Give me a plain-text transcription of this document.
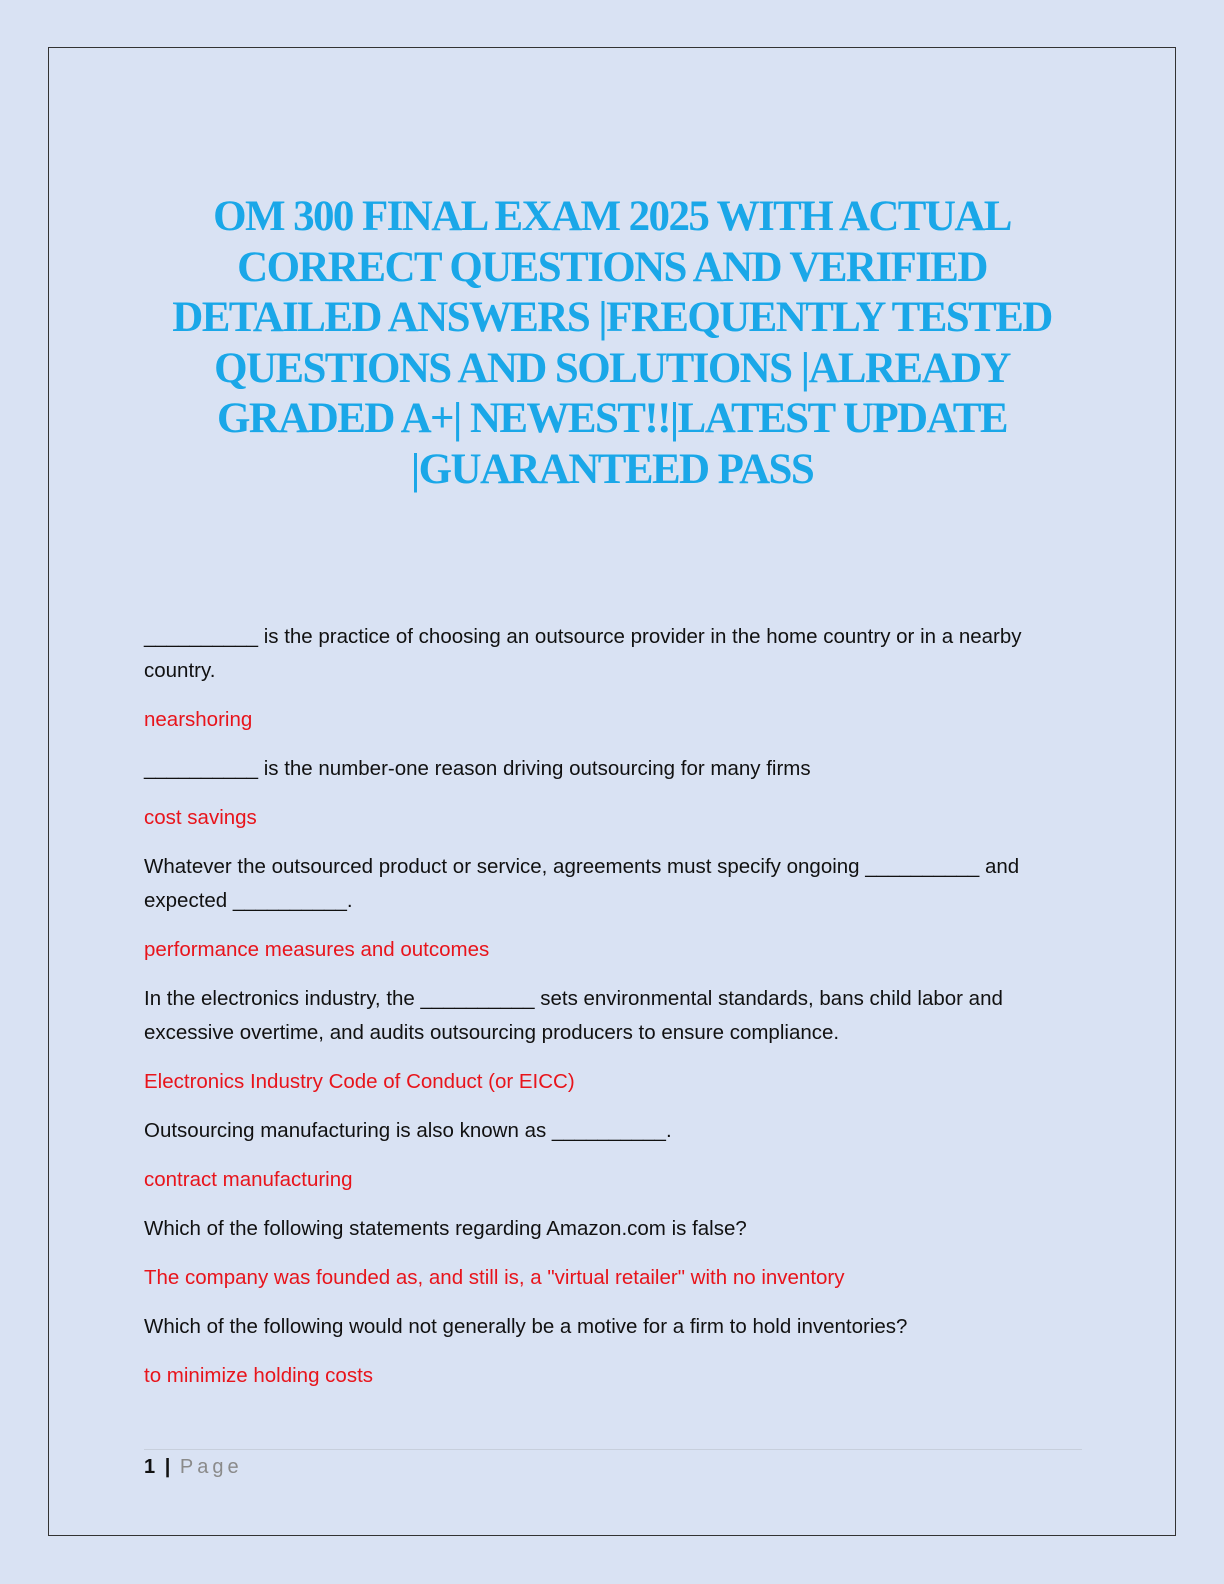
OM 300 FINAL EXAM 2025 WITH ACTUAL CORRECT QUESTIONS AND VERIFIED DETAILED ANSWERS |FREQUENTLY TESTED QUESTIONS AND SOLUTIONS |ALREADY GRADED A+| NEWEST!!|LATEST UPDATE |GUARANTEED PASS

__________ is the practice of choosing an outsource provider in the home country or in a nearby country.

nearshoring

__________ is the number-one reason driving outsourcing for many firms

cost savings

Whatever the outsourced product or service, agreements must specify ongoing __________ and expected __________.

performance measures and outcomes

In the electronics industry, the __________ sets environmental standards, bans child labor and excessive overtime, and audits outsourcing producers to ensure compliance.

Electronics Industry Code of Conduct (or EICC)

Outsourcing manufacturing is also known as __________.

contract manufacturing

Which of the following statements regarding Amazon.com is false?

The company was founded as, and still is, a "virtual retailer" with no inventory

Which of the following would not generally be a motive for a firm to hold inventories?

to minimize holding costs

1 | Page
